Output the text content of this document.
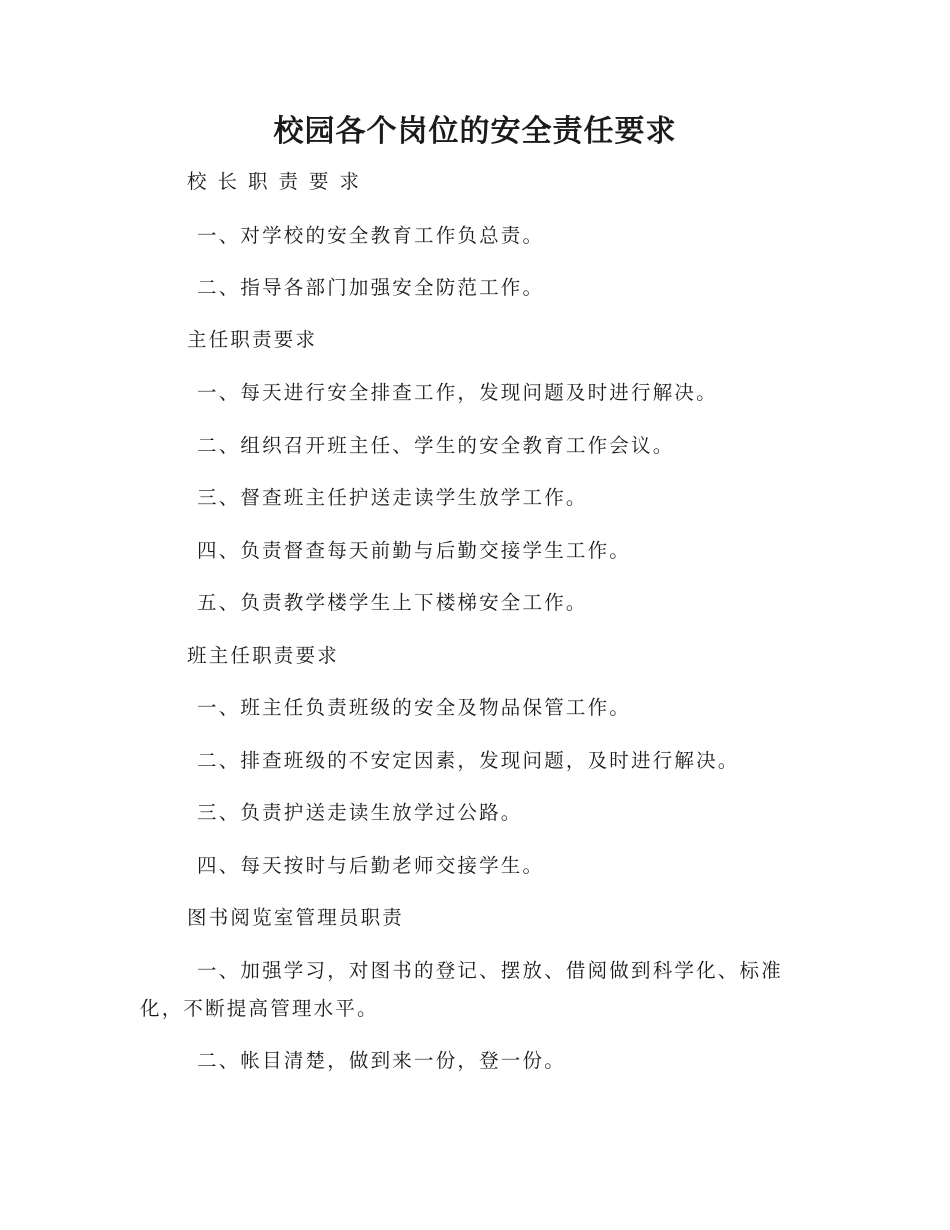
校园各个岗位的安全责任要求

校长职责要求

一、对学校的安全教育工作负总责。

二、指导各部门加强安全防范工作。

主任职责要求

一、每天进行安全排查工作，发现问题及时进行解决。

二、组织召开班主任、学生的安全教育工作会议。

三、督查班主任护送走读学生放学工作。

四、负责督查每天前勤与后勤交接学生工作。

五、负责教学楼学生上下楼梯安全工作。

班主任职责要求

一、班主任负责班级的安全及物品保管工作。

二、排查班级的不安定因素，发现问题，及时进行解决。

三、负责护送走读生放学过公路。

四、每天按时与后勤老师交接学生。

图书阅览室管理员职责

一、加强学习，对图书的登记、摆放、借阅做到科学化、标准

化，不断提高管理水平。

二、帐目清楚，做到来一份，登一份。
